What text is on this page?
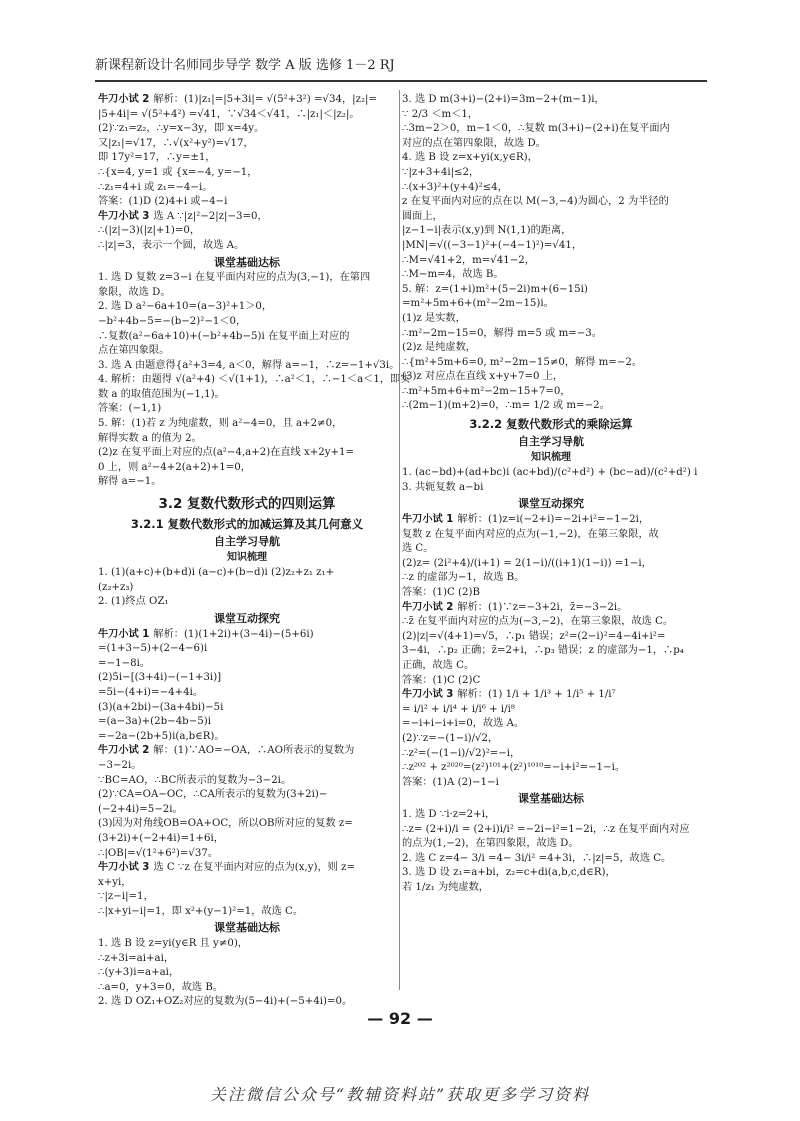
新课程新设计名师同步导学 数学 A 版 选修 1－2 RJ
牛刀小试 2 解析：(1)|z₁|=|5+3i|= √(5²+3²) =√34，|z₂|=
|5+4i|= √(5²+4²) =√41，∵√34＜√41，∴|z₁|＜|z₂|。
(2)∵z₁=z₂，∴y=x−3y，即 x=4y。
又|z₁|=√17，∴√(x²+y²)=√17，
即 17y²=17，∴y=±1，
∴{x=4, y=1 或 {x=−4, y=−1，
∴z₁=4+i 或 z₁=−4−i。
答案：(1)D (2)4+i 或−4−i
牛刀小试 3 选 A ∵|z|²−2|z|−3=0，
∴(|z|−3)(|z|+1)=0，
∴|z|=3，表示一个圆，故选 A。
课堂基础达标
1. 选 D 复数 z=3−i 在复平面内对应的点为(3,−1)，在第四
象限，故选 D。
2. 选 D a²−6a+10=(a−3)²+1＞0，
−b²+4b−5=−(b−2)²−1＜0，
∴复数(a²−6a+10)+(−b²+4b−5)i 在复平面上对应的
点在第四象限。
3. 选 A 由题意得{a²+3=4, a＜0，解得 a=−1，∴z=−1+√3i。
4. 解析：由题得 √(a²+4) ＜√(1+1)，∴a²＜1，∴−1＜a＜1，即实
数 a 的取值范围为(−1,1)。
答案：(−1,1)
5. 解：(1)若 z 为纯虚数，则 a²−4=0，且 a+2≠0，
解得实数 a 的值为 2。
(2)z 在复平面上对应的点(a²−4,a+2)在直线 x+2y+1=
0 上，则 a²−4+2(a+2)+1=0，
解得 a=−1。
3.2 复数代数形式的四则运算
3.2.1 复数代数形式的加减运算及其几何意义
自主学习导航
知识梳理
1. (1)(a+c)+(b+d)i (a−c)+(b−d)i (2)z₂+z₁ z₁+
(z₂+z₃)
2. (1)终点 OZ₁
课堂互动探究
牛刀小试 1 解析：(1)(1+2i)+(3−4i)−(5+6i)
=(1+3−5)+(2−4−6)i
=−1−8i。
(2)5i−[(3+4i)−(−1+3i)]
=5i−(4+i)=−4+4i。
(3)(a+2bi)−(3a+4bi)−5i
=(a−3a)+(2b−4b−5)i
=−2a−(2b+5)i(a,b∈R)。
牛刀小试 2 解：(1)∵AO=−OA，∴AO所表示的复数为
−3−2i。
∵BC=AO，∴BC所表示的复数为−3−2i。
(2)∵CA=OA−OC，∴CA所表示的复数为(3+2i)−
(−2+4i)=5−2i。
(3)因为对角线OB=OA+OC，所以OB所对应的复数 z=
(3+2i)+(−2+4i)=1+6i，
∴|OB|=√(1²+6²)=√37。
牛刀小试 3 选 C ∵z 在复平面内对应的点为(x,y)，则 z=
x+yi，
∵|z−i|=1，
∴|x+yi−i|=1，即 x²+(y−1)²=1，故选 C。
课堂基础达标
1. 选 B 设 z=yi(y∈R 且 y≠0)，
∴z+3i=ai+ai，
∴(y+3)i=a+ai，
∴a=0，y+3=0，故选 B。
2. 选 D OZ₁+OZ₂对应的复数为(5−4i)+(−5+4i)=0。
3. 选 D m(3+i)−(2+i)=3m−2+(m−1)i，
∵ 2/3 ＜m＜1，
∴3m−2＞0，m−1＜0，∴复数 m(3+i)−(2+i)在复平面内
对应的点在第四象限，故选 D。
4. 选 B 设 z=x+yi(x,y∈R)，
∵|z+3+4i|≤2，
∴(x+3)²+(y+4)²≤4，
z 在复平面内对应的点在以 M(−3,−4)为圆心，2 为半径的
圆面上，
|z−1−i|表示(x,y)到 N(1,1)的距离，
|MN|=√((−3−1)²+(−4−1)²)=√41，
∴M=√41+2，m=√41−2，
∴M−m=4，故选 B。
5. 解：z=(1+i)m²+(5−2i)m+(6−15i)
=m²+5m+6+(m²−2m−15)i。
(1)z 是实数，
∴m²−2m−15=0，解得 m=5 或 m=−3。
(2)z 是纯虚数，
∴{m²+5m+6=0, m²−2m−15≠0，解得 m=−2。
(3)z 对应点在直线 x+y+7=0 上，
∴m²+5m+6+m²−2m−15+7=0，
∴(2m−1)(m+2)=0，∴m= 1/2 或 m=−2。
3.2.2 复数代数形式的乘除运算
自主学习导航
知识梳理
1. (ac−bd)+(ad+bc)i (ac+bd)/(c²+d²) + (bc−ad)/(c²+d²) i
3. 共轭复数 a−bi
课堂互动探究
牛刀小试 1 解析：(1)z=i(−2+i)=−2i+i²=−1−2i，
复数 z 在复平面内对应的点为(−1,−2)，在第三象限，故
选 C。
(2)z= (2i²+4)/(i+1) = 2(1−i)/((i+1)(1−i)) =1−i，
∴z 的虚部为−1，故选 B。
答案：(1)C (2)B
牛刀小试 2 解析：(1)∵z=−3+2i，z̄=−3−2i。
∴z̄ 在复平面内对应的点为(−3,−2)，在第三象限，故选 C。
(2)|z|=√(4+1)=√5，∴p₁ 错误；z²=(2−i)²=4−4i+i²=
3−4i，∴p₂ 正确；z̄=2+i，∴p₃ 错误；z 的虚部为−1，∴p₄
正确，故选 C。
答案：(1)C (2)C
牛刀小试 3 解析：(1) 1/i + 1/i³ + 1/i⁵ + 1/i⁷
= i/i² + i/i⁴ + i/i⁶ + i/i⁸
=−i+i−i+i=0，故选 A。
(2)∵z=−(1−i)/√2，
∴z²=(−(1−i)/√2)²=−i，
∴z²⁰² + z²⁰²⁰=(z²)¹⁰¹+(z²)¹⁰¹⁰=−i+i²=−1−i。
答案：(1)A (2)−1−i
课堂基础达标
1. 选 D ∵i·z=2+i，
∴z= (2+i)/i = (2+i)i/i² =−2i−i²=1−2i，∴z 在复平面内对应
的点为(1,−2)，在第四象限，故选 D。
2. 选 C z=4− 3/i =4− 3i/i² =4+3i，∴|z|=5，故选 C。
3. 选 D 设 z₁=a+bi，z₂=c+di(a,b,c,d∈R)，
若 1/z₁ 为纯虚数，
— 92 —
关注微信公众号“教辅资料站”获取更多学习资料
